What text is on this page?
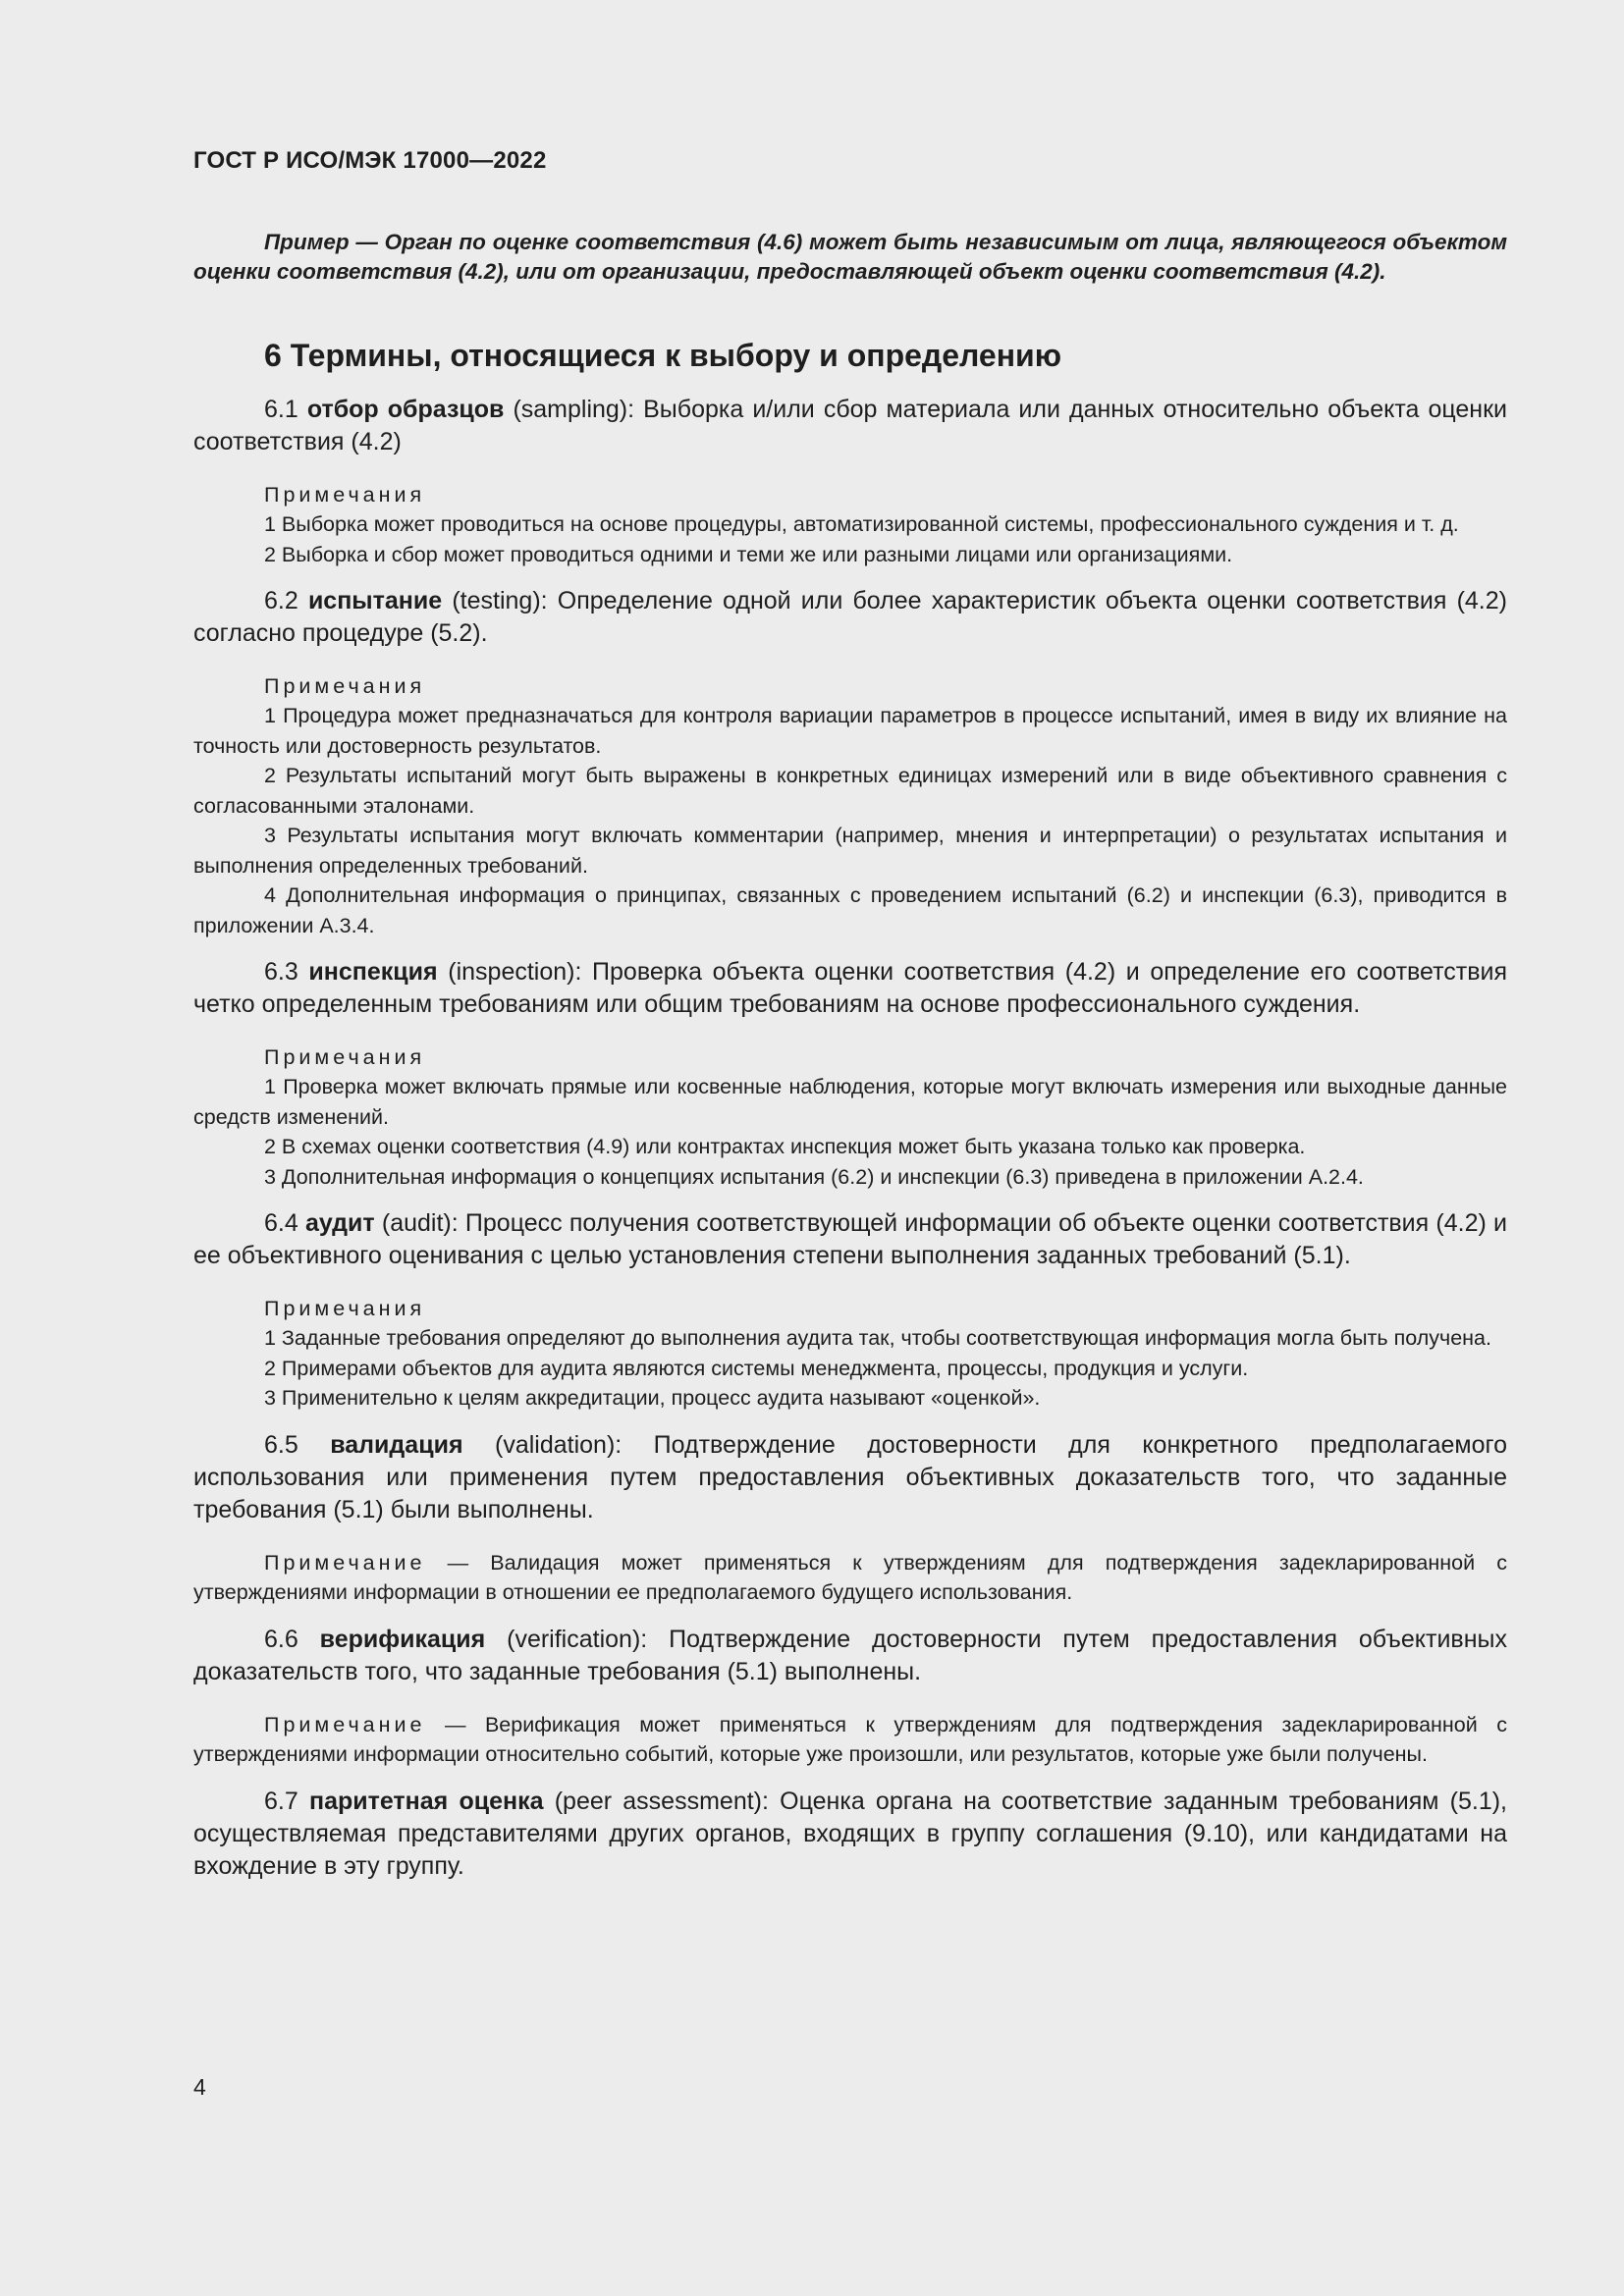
ГОСТ Р ИСО/МЭК 17000—2022

Пример — Орган по оценке соответствия (4.6) может быть независимым от лица, являющегося объектом оценки соответствия (4.2), или от организации, предоставляющей объект оценки соответствия (4.2).

6 Термины, относящиеся к выбору и определению

6.1 отбор образцов (sampling): Выборка и/или сбор материала или данных относительно объекта оценки соответствия (4.2)

Примечания

1 Выборка может проводиться на основе процедуры, автоматизированной системы, профессионального суждения и т. д.

2 Выборка и сбор может проводиться одними и теми же или разными лицами или организациями.

6.2 испытание (testing): Определение одной или более характеристик объекта оценки соответствия (4.2) согласно процедуре (5.2).

Примечания

1 Процедура может предназначаться для контроля вариации параметров в процессе испытаний, имея в виду их влияние на точность или достоверность результатов.

2 Результаты испытаний могут быть выражены в конкретных единицах измерений или в виде объективного сравнения с согласованными эталонами.

3 Результаты испытания могут включать комментарии (например, мнения и интерпретации) о результатах испытания и выполнения определенных требований.

4 Дополнительная информация о принципах, связанных с проведением испытаний (6.2) и инспекции (6.3), приводится в приложении А.3.4.

6.3 инспекция (inspection): Проверка объекта оценки соответствия (4.2) и определение его соответствия четко определенным требованиям или общим требованиям на основе профессионального суждения.

Примечания

1 Проверка может включать прямые или косвенные наблюдения, которые могут включать измерения или выходные данные средств изменений.

2 В схемах оценки соответствия (4.9) или контрактах инспекция может быть указана только как проверка.

3 Дополнительная информация о концепциях испытания (6.2) и инспекции (6.3) приведена в приложении А.2.4.

6.4 аудит (audit): Процесс получения соответствующей информации об объекте оценки соответствия (4.2) и ее объективного оценивания с целью установления степени выполнения заданных требований (5.1).

Примечания

1 Заданные требования определяют до выполнения аудита так, чтобы соответствующая информация могла быть получена.

2 Примерами объектов для аудита являются системы менеджмента, процессы, продукция и услуги.

3 Применительно к целям аккредитации, процесс аудита называют «оценкой».

6.5 валидация (validation): Подтверждение достоверности для конкретного предполагаемого использования или применения путем предоставления объективных доказательств того, что заданные требования (5.1) были выполнены.

Примечание — Валидация может применяться к утверждениям для подтверждения задекларированной с утверждениями информации в отношении ее предполагаемого будущего использования.

6.6 верификация (verification): Подтверждение достоверности путем предоставления объективных доказательств того, что заданные требования (5.1) выполнены.

Примечание — Верификация может применяться к утверждениям для подтверждения задекларированной с утверждениями информации относительно событий, которые уже произошли, или результатов, которые уже были получены.

6.7 паритетная оценка (peer assessment): Оценка органа на соответствие заданным требованиям (5.1), осуществляемая представителями других органов, входящих в группу соглашения (9.10), или кандидатами на вхождение в эту группу.

4
